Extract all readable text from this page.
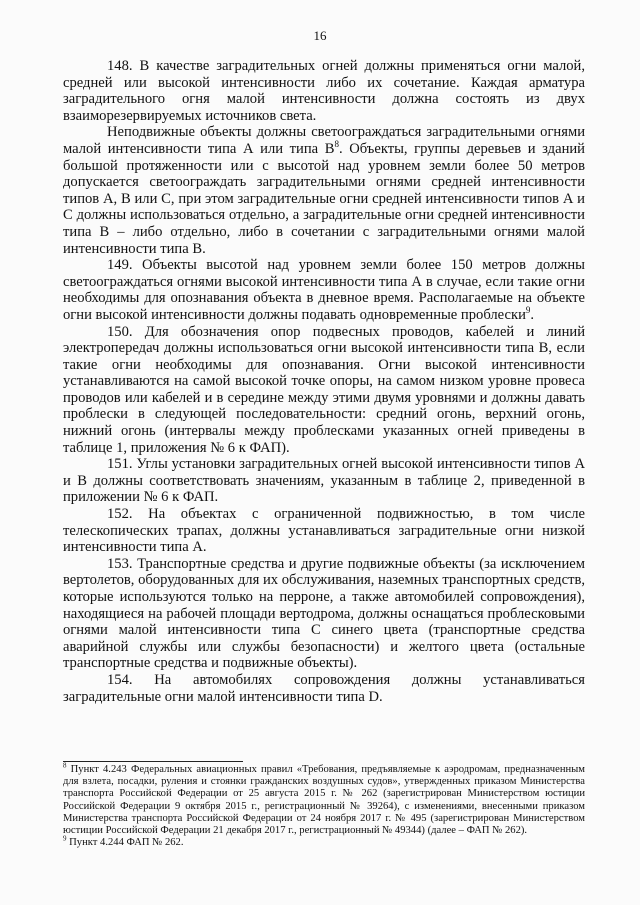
16

148. В качестве заградительных огней должны применяться огни малой, средней или высокой интенсивности либо их сочетание. Каждая арматура заградительного огня малой интенсивности должна состоять из двух взаиморезервируемых источников света.

Неподвижные объекты должны светоограждаться заградительными огнями малой интенсивности типа А или типа $В^8$. Объекты, группы деревьев и зданий большой протяженности или с высотой над уровнем земли более 50 метров допускается светоограждать заградительными огнями средней интенсивности типов А, В или С, при этом заградительные огни средней интенсивности типов А и С должны использоваться отдельно, а заградительные огни средней интенсивности типа В – либо отдельно, либо в сочетании с заградительными огнями малой интенсивности типа В.

149. Объекты высотой над уровнем земли более 150 метров должны светоограждаться огнями высокой интенсивности типа А в случае, если такие огни необходимы для опознавания объекта в дневное время. Располагаемые на объекте огни высокой интенсивности должны подавать одновременные проблески$^9$.

150. Для обозначения опор подвесных проводов, кабелей и линий электропередач должны использоваться огни высокой интенсивности типа В, если такие огни необходимы для опознавания. Огни высокой интенсивности устанавливаются на самой высокой точке опоры, на самом низком уровне провеса проводов или кабелей и в середине между этими двумя уровнями и должны давать проблески в следующей последовательности: средний огонь, верхний огонь, нижний огонь (интервалы между проблесками указанных огней приведены в таблице 1, приложения № 6 к ФАП).

151. Углы установки заградительных огней высокой интенсивности типов А и В должны соответствовать значениям, указанным в таблице 2, приведенной в приложении № 6 к ФАП.

152. На объектах с ограниченной подвижностью, в том числе телескопических трапах, должны устанавливаться заградительные огни низкой интенсивности типа А.

153. Транспортные средства и другие подвижные объекты (за исключением вертолетов, оборудованных для их обслуживания, наземных транспортных средств, которые используются только на перроне, а также автомобилей сопровождения), находящиеся на рабочей площади вертодрома, должны оснащаться проблесковыми огнями малой интенсивности типа С синего цвета (транспортные средства аварийной службы или службы безопасности) и желтого цвета (остальные транспортные средства и подвижные объекты).

154. На автомобилях сопровождения должны устанавливаться заградительные огни малой интенсивности типа D.

$^8$ Пункт 4.243 Федеральных авиационных правил «Требования, предъявляемые к аэродромам, предназначенным для взлета, посадки, руления и стоянки гражданских воздушных судов», утвержденных приказом Министерства транспорта Российской Федерации от 25 августа 2015 г. № 262 (зарегистрирован Министерством юстиции Российской Федерации 9 октября 2015 г., регистрационный № 39264), с изменениями, внесенными приказом Министерства транспорта Российской Федерации от 24 ноября 2017 г. № 495 (зарегистрирован Министерством юстиции Российской Федерации 21 декабря 2017 г., регистрационный № 49344) (далее – ФАП № 262).

$^9$ Пункт 4.244 ФАП № 262.
